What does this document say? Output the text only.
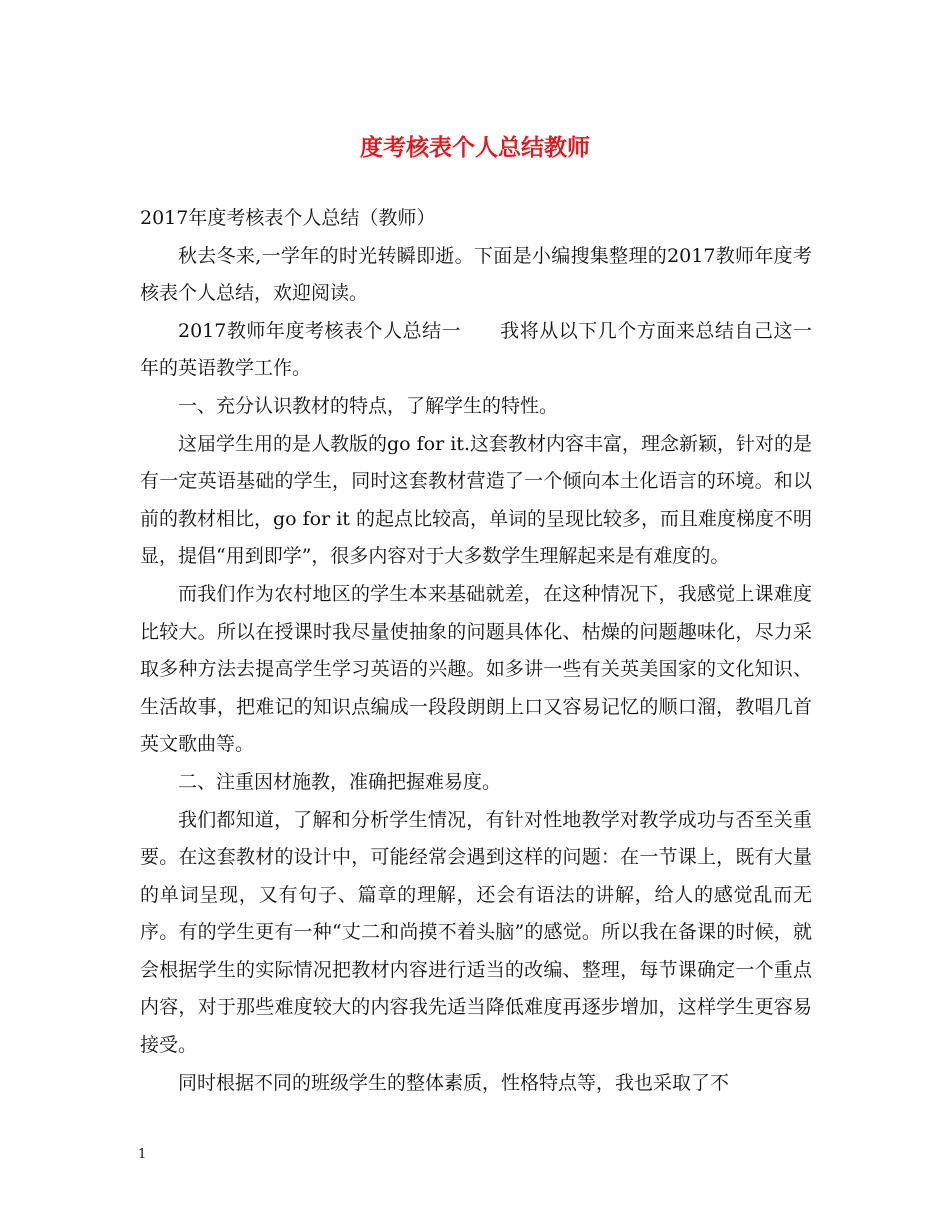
度考核表个人总结教师

2017年度考核表个人总结（教师）

秋去冬来,一学年的时光转瞬即逝。下面是小编搜集整理的2017教师年度考核表个人总结，欢迎阅读。

2017教师年度考核表个人总结一　　我将从以下几个方面来总结自己这一年的英语教学工作。

一、充分认识教材的特点，了解学生的特性。

这届学生用的是人教版的go for it.这套教材内容丰富，理念新颖，针对的是有一定英语基础的学生，同时这套教材营造了一个倾向本土化语言的环境。和以前的教材相比，go for it 的起点比较高，单词的呈现比较多，而且难度梯度不明显，提倡“用到即学”，很多内容对于大多数学生理解起来是有难度的。

而我们作为农村地区的学生本来基础就差，在这种情况下，我感觉上课难度比较大。所以在授课时我尽量使抽象的问题具体化、枯燥的问题趣味化，尽力采取多种方法去提高学生学习英语的兴趣。如多讲一些有关英美国家的文化知识、生活故事，把难记的知识点编成一段段朗朗上口又容易记忆的顺口溜，教唱几首英文歌曲等。

二、注重因材施教，准确把握难易度。

我们都知道，了解和分析学生情况，有针对性地教学对教学成功与否至关重要。在这套教材的设计中，可能经常会遇到这样的问题：在一节课上，既有大量的单词呈现，又有句子、篇章的理解，还会有语法的讲解，给人的感觉乱而无序。有的学生更有一种“丈二和尚摸不着头脑”的感觉。所以我在备课的时候，就会根据学生的实际情况把教材内容进行适当的改编、整理，每节课确定一个重点内容，对于那些难度较大的内容我先适当降低难度再逐步增加，这样学生更容易接受。

同时根据不同的班级学生的整体素质，性格特点等，我也采取了不

1
